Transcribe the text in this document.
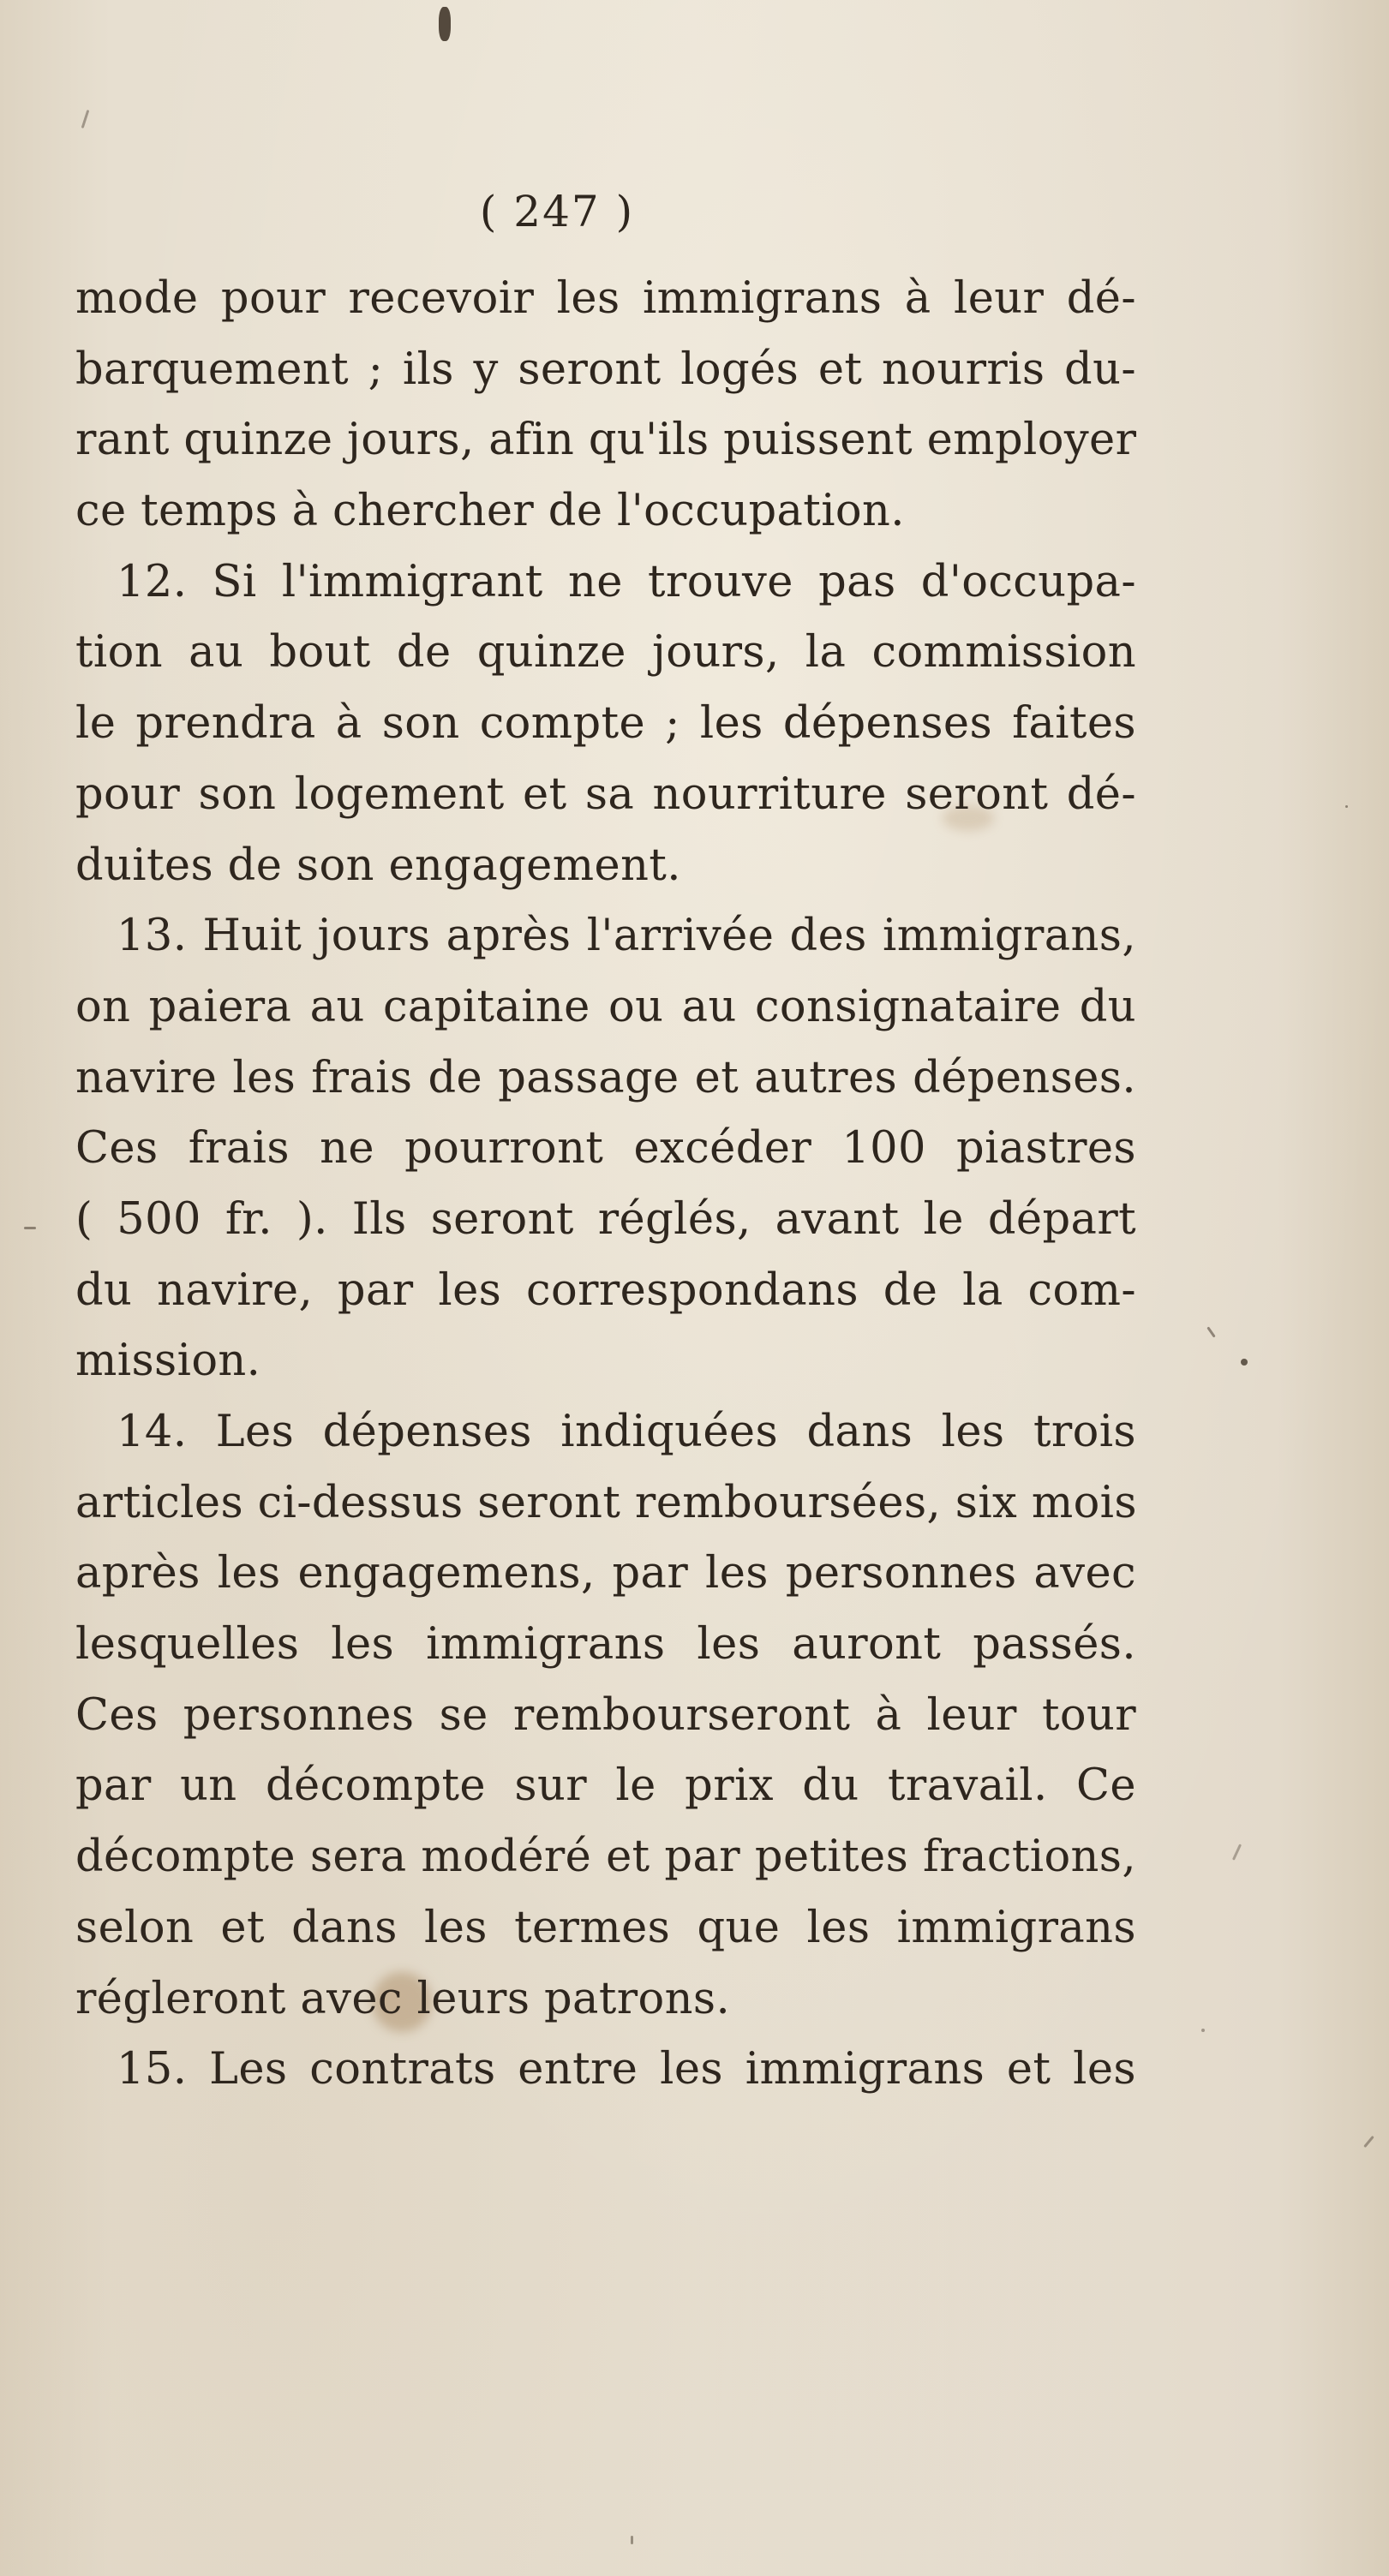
( 247 )
mode pour recevoir les immigrans à leur dé-
barquement ; ils y seront logés et nourris du-
rant quinze jours, afin qu'ils puissent employer
ce temps à chercher de l'occupation.
12. Si l'immigrant ne trouve pas d'occupa-
tion au bout de quinze jours, la commission
le prendra à son compte ; les dépenses faites
pour son logement et sa nourriture seront dé-
duites de son engagement.
13. Huit jours après l'arrivée des immigrans,
on paiera au capitaine ou au consignataire du
navire les frais de passage et autres dépenses.
Ces frais ne pourront excéder 100 piastres
( 500 fr. ). Ils seront réglés, avant le départ
du navire, par les correspondans de la com-
mission.
14. Les dépenses indiquées dans les trois
articles ci-dessus seront remboursées, six mois
après les engagemens, par les personnes avec
lesquelles les immigrans les auront passés.
Ces personnes se rembourseront à leur tour
par un décompte sur le prix du travail. Ce
décompte sera modéré et par petites fractions,
selon et dans les termes que les immigrans
régleront avec leurs patrons.
15. Les contrats entre les immigrans et les
